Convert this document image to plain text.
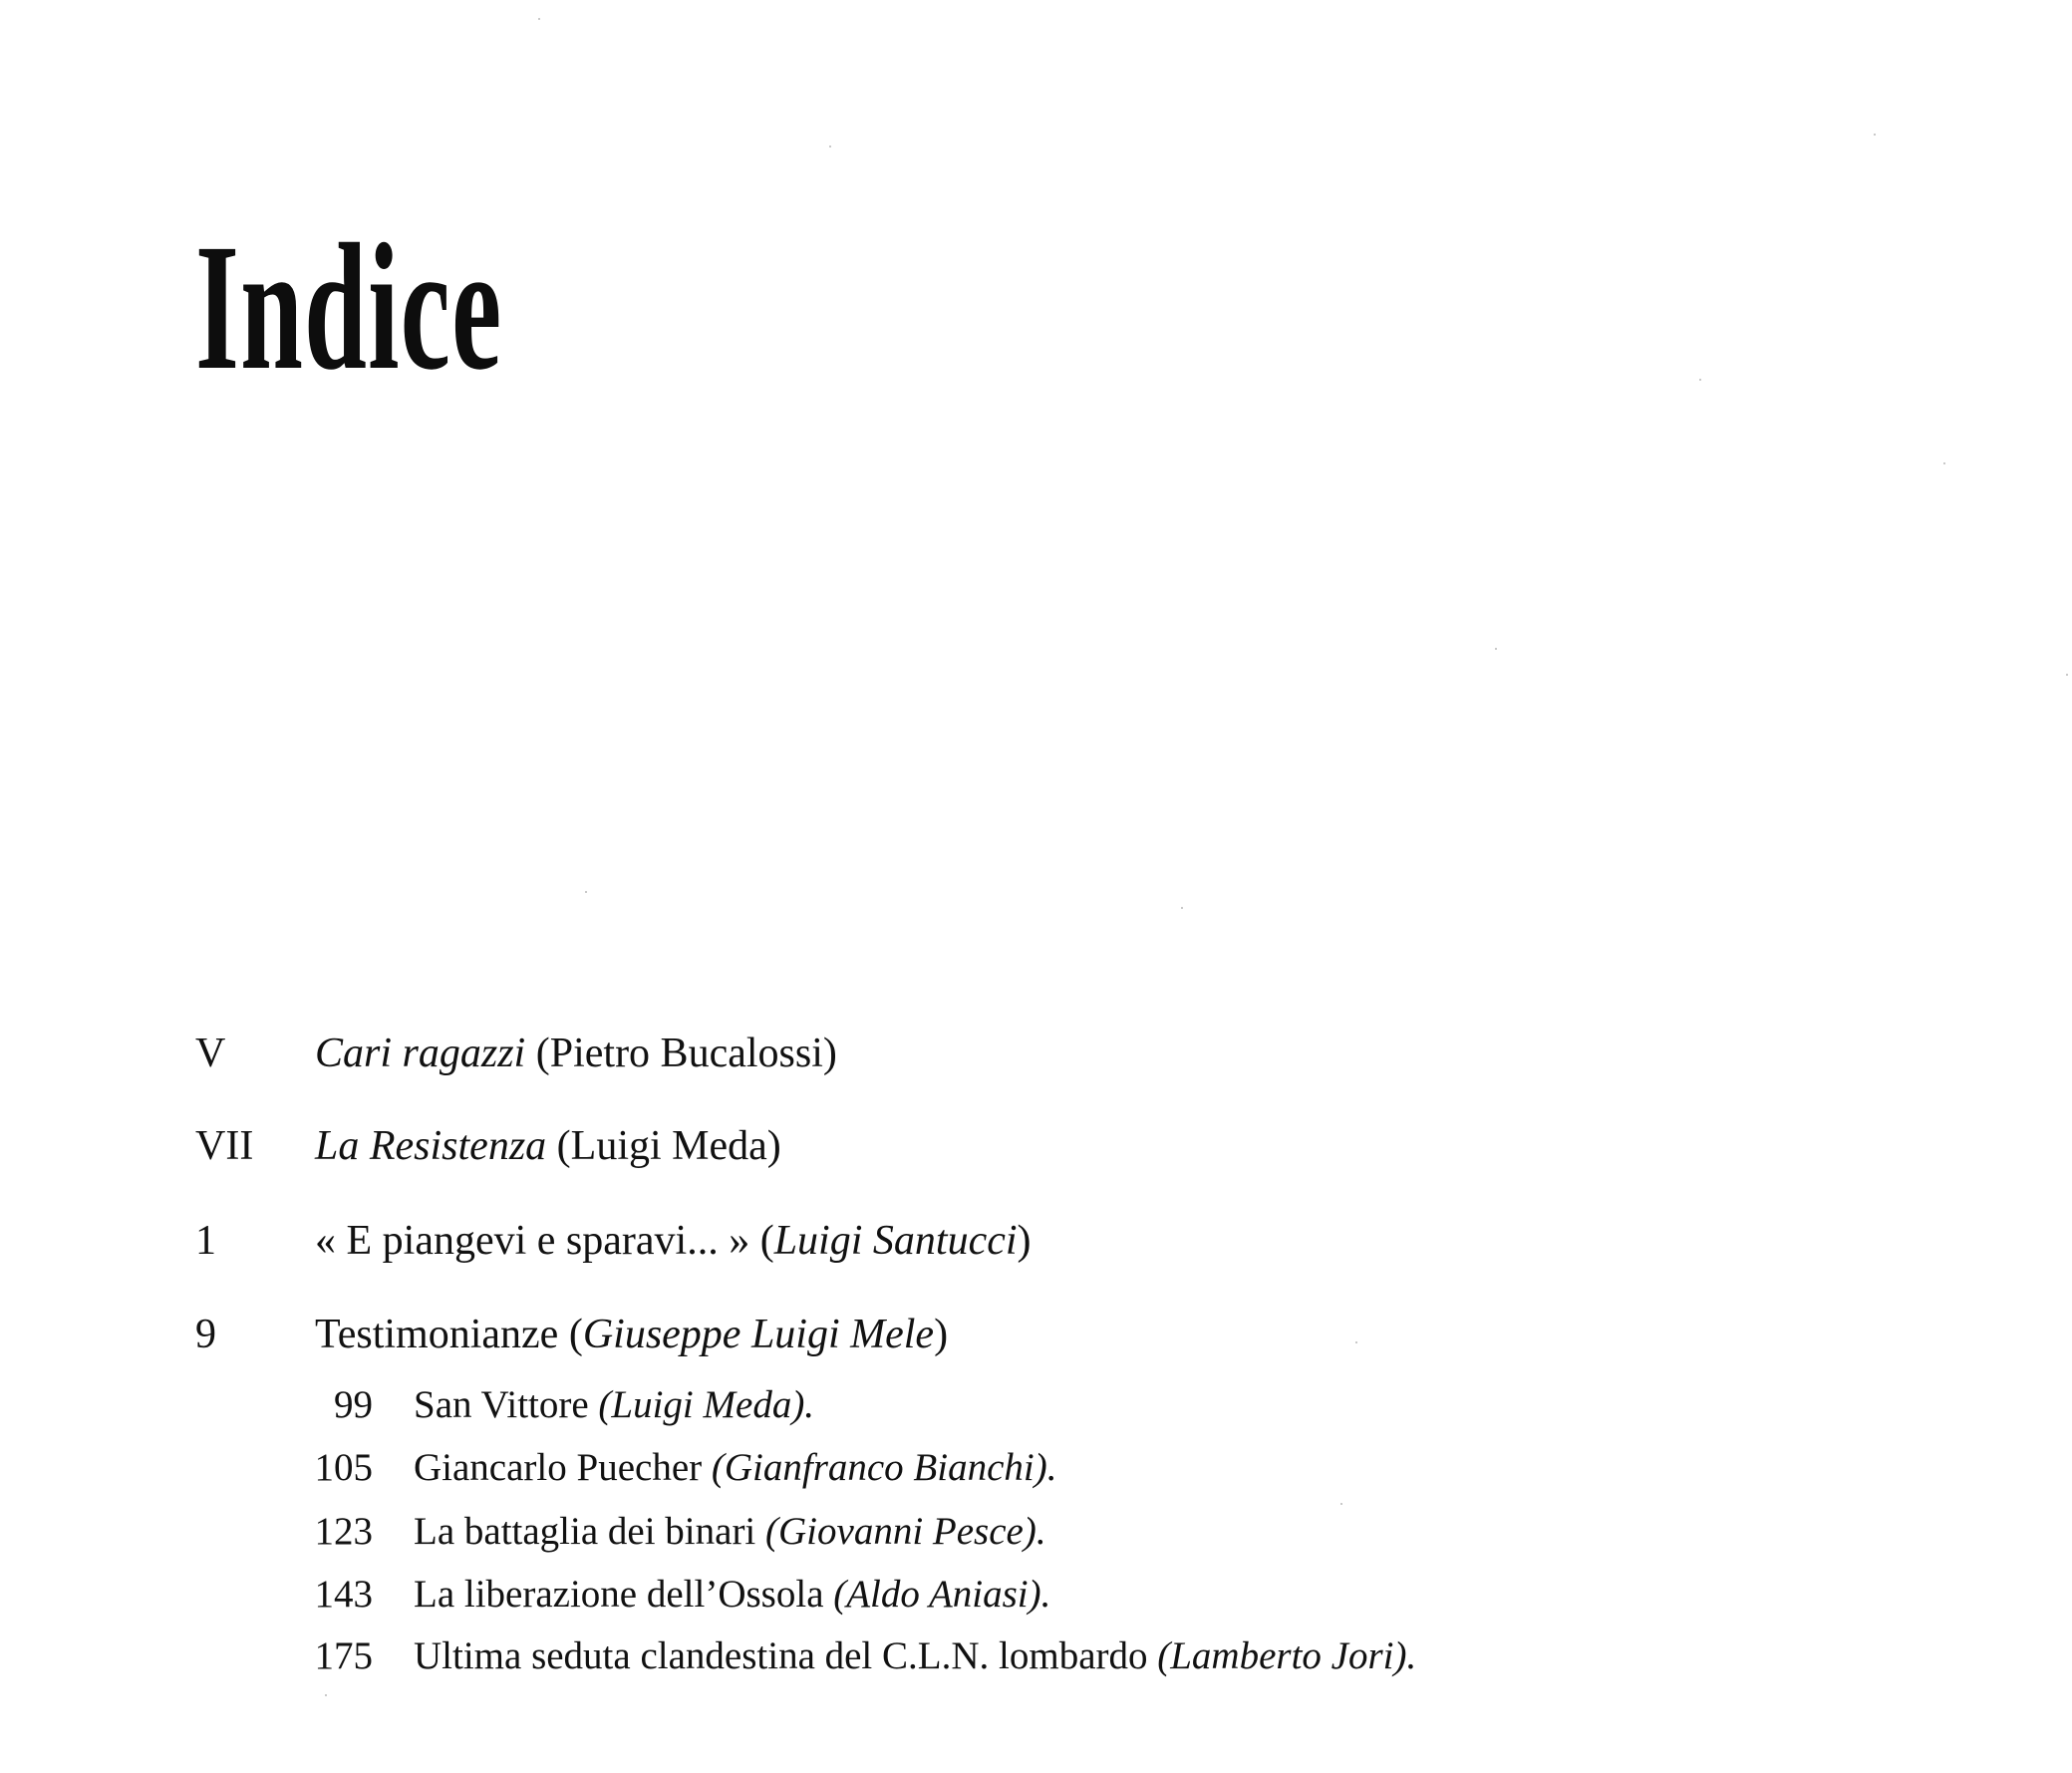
Indice
V Cari ragazzi (Pietro Bucalossi)
VII La Resistenza (Luigi Meda)
1 « E piangevi e sparavi... » (Luigi Santucci)
9 Testimonianze (Giuseppe Luigi Mele)
99 San Vittore (Luigi Meda).
105 Giancarlo Puecher (Gianfranco Bianchi).
123 La battaglia dei binari (Giovanni Pesce).
143 La liberazione dell’Ossola (Aldo Aniasi).
175 Ultima seduta clandestina del C.L.N. lombardo (Lamberto Jori).
